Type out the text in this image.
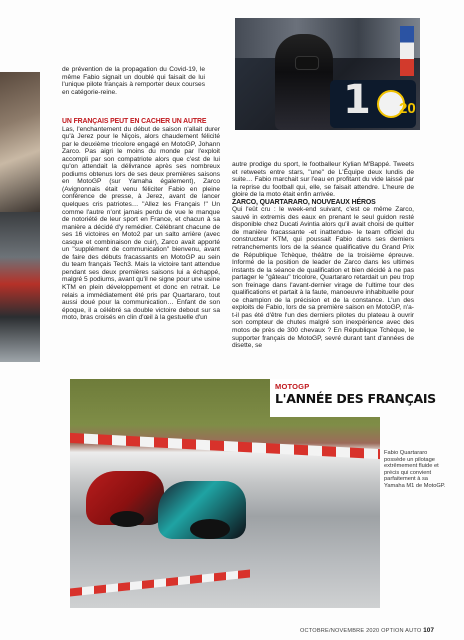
1 20

de prévention de la propagation du Covid-19, le même Fabio signait un doublé qui faisait de lui l'unique pilote français à remporter deux courses en catégorie-reine.

UN FRANÇAIS PEUT EN CACHER UN AUTRE

Las, l'enchantement du début de saison n'allait durer qu'à Jerez pour le Niçois, alors chaudement félicité par le deuxième tricolore engagé en MotoGP, Johann Zarco. Pas aigri le moins du monde par l'exploit accompli par son compatriote alors que c'est de lui qu'on attendait la délivrance après ses nombreux podiums obtenus lors de ses deux premières saisons en MotoGP (sur Yamaha également), Zarco (Avignonnais était venu féliciter Fabio en pleine conférence de presse, à Jerez, avant de lancer quelques cris patriotes… "Allez les Français !" Un comme l'autre n'ont jamais perdu de vue le manque de notoriété de leur sport en France, et chacun à sa manière a décidé d'y remédier. Célébrant chacune de ses 16 victoires en Moto2 par un salto arrière (avec casque et combinaison de cuir), Zarco avait apporté un "supplément de communication" bienvenu, avant de faire des débuts fracassants en MotoGP au sein du team français Tech3. Mais la victoire tant attendue pendant ses deux premières saisons lui a échappé, malgré 5 podiums, avant qu'il ne signe pour une usine KTM en plein développement et donc en retrait. Le relais a immédiatement été pris par Quartararo, tout aussi doué pour la communication… Enfant de son époque, il a célébré sa double victoire debout sur sa moto, bras croisés en clin d'œil à la gestuelle d'un

autre prodige du sport, le footballeur Kylian M'Bappé. Tweets et retweets entre stars, "une" de L'Équipe deux lundis de suite… Fabio marchait sur l'eau en profitant du vide laissé par la reprise du football qui, elle, se faisait attendre. L'heure de gloire de la moto était enfin arrivée.

ZARCO, QUARTARARO, NOUVEAUX HÉROS

Qui l'eût cru : le week-end suivant, c'est ce même Zarco, sauvé in extremis des eaux en prenant le seul guidon resté disponible chez Ducati Avintia alors qu'il avait choisi de quitter de manière fracassante -et inattendue- le team officiel du constructeur KTM, qui poussait Fabio dans ses derniers retranchements lors de la séance qualificative du Grand Prix de République Tchèque, théâtre de la troisième épreuve. Informé de la position de leader de Zarco dans les ultimes instants de la séance de qualification et bien décidé à ne pas partager le "gâteau" tricolore, Quartararo retardait un peu trop son freinage dans l'avant-dernier virage de l'ultime tour des qualifications et partait à la faute, manoeuvre inhabituelle pour ce champion de la précision et de la constance. L'un des exploits de Fabio, lors de sa première saison en MotoGP, n'a-t-il pas été d'être l'un des derniers pilotes du plateau à ouvrir son compteur de chutes malgré son inexpérience avec des motos de près de 300 chevaux ? En République Tchèque, le supporter français de MotoGP, sevré durant tant d'années de disette, se

MOTOGP
L'ANNÉE DES FRANÇAIS
Fabio Quartararo possède un pilotage extrêmement fluide et précis qui convient parfaitement à sa Yamaha M1 de MotoGP.
OCTOBRE/NOVEMBRE 2020 OPTION AUTO 107
